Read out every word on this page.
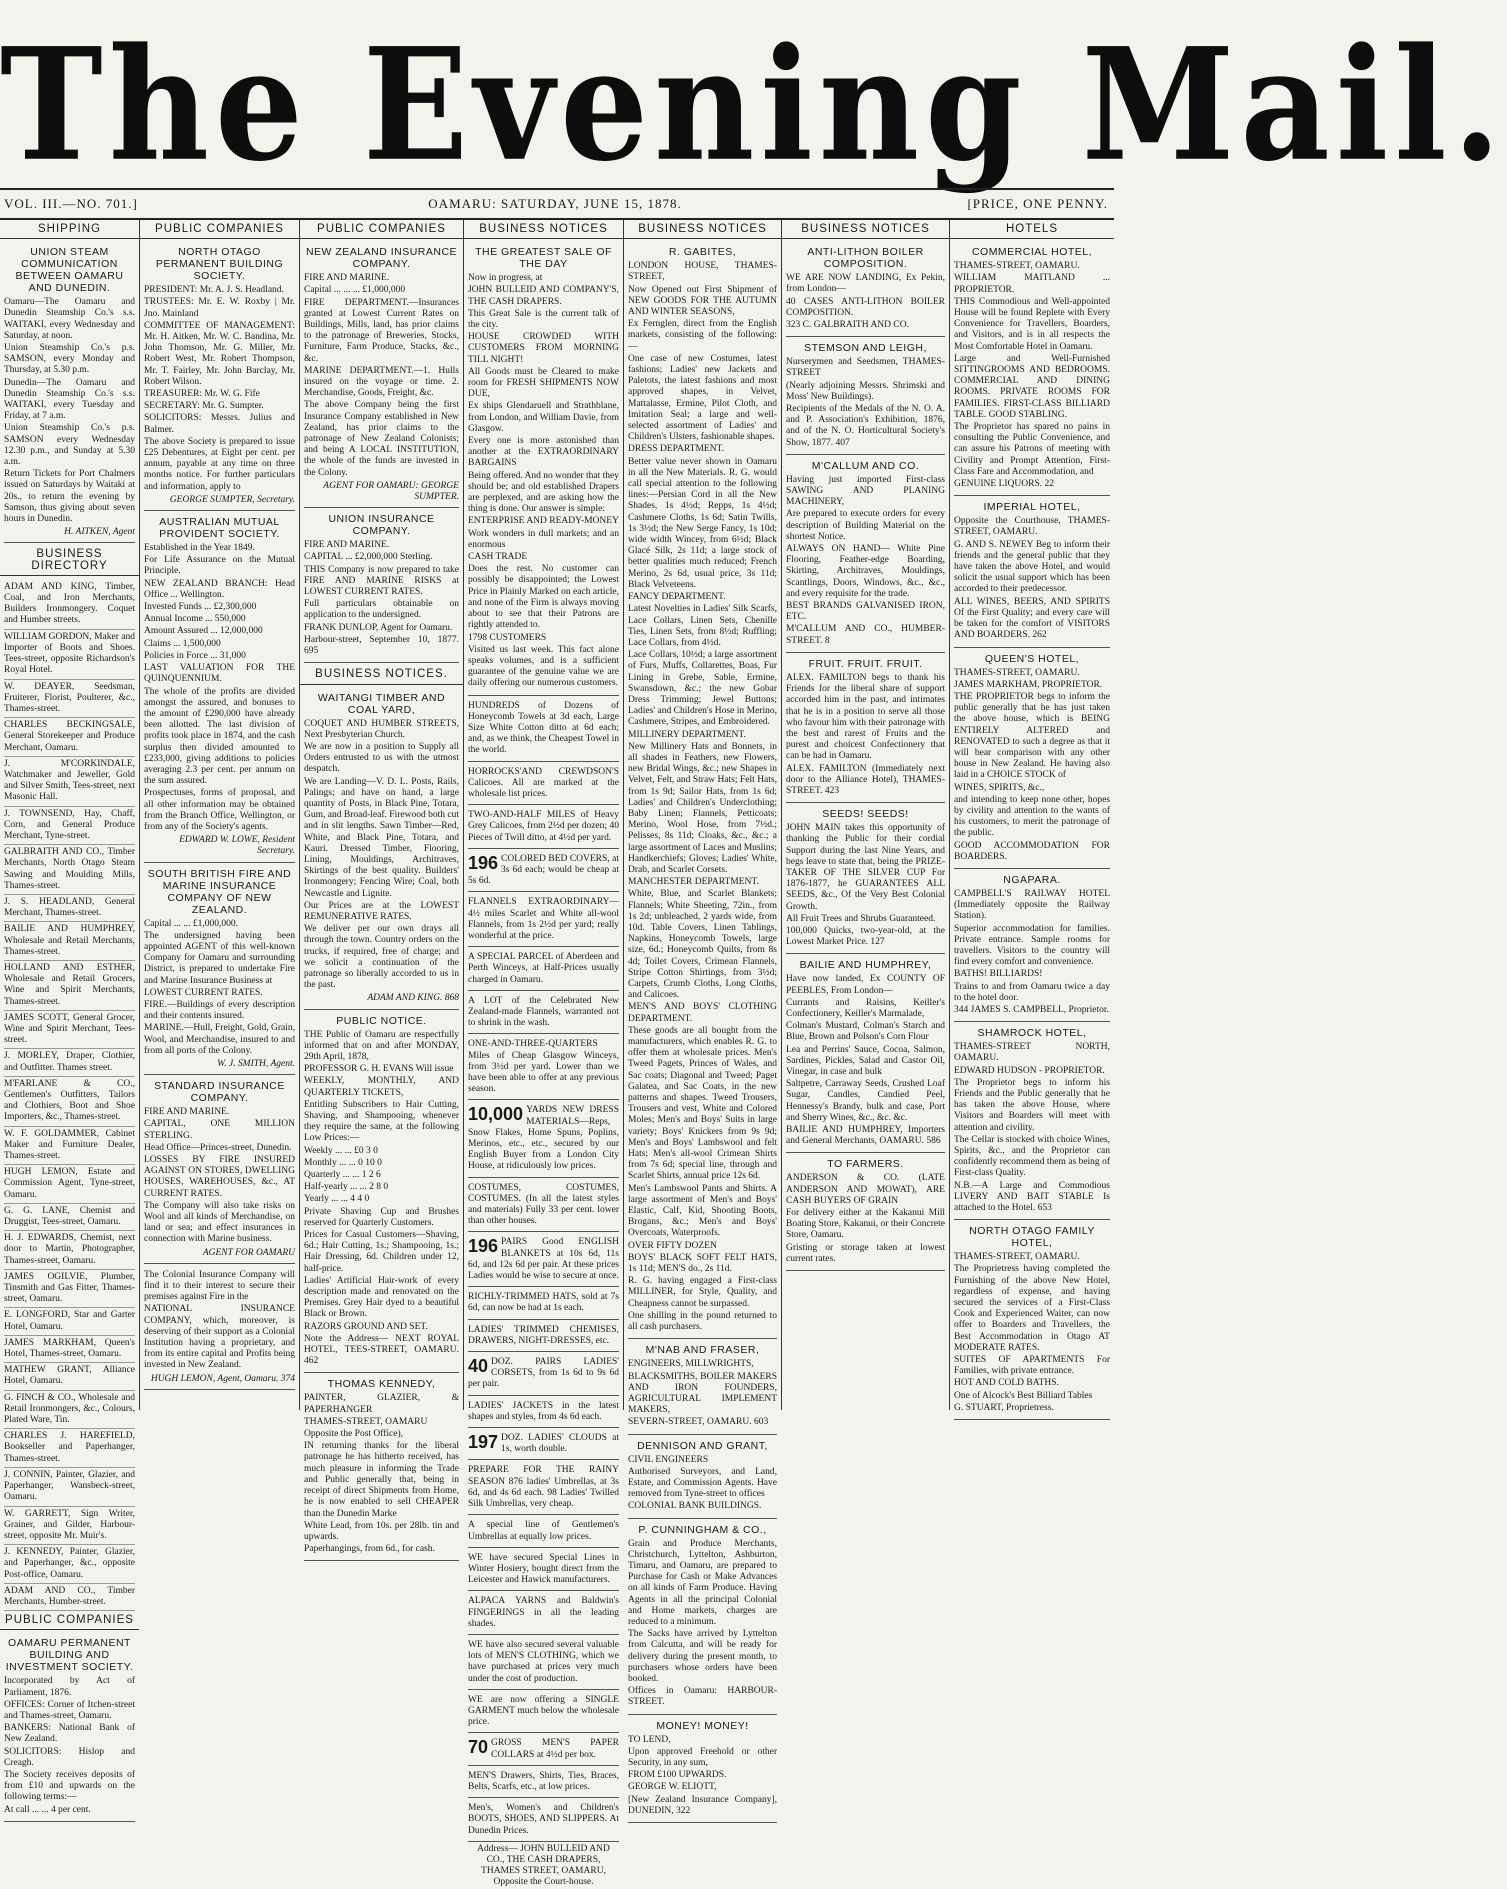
The Evening Mail.
VOL. III.—NO. 701.]	OAMARU: SATURDAY, JUNE 15, 1878.	[PRICE, ONE PENNY.
SHIPPING
UNION STEAM COMMUNICATION BETWEEN OAMARU AND DUNEDIN.
Oamaru—The Oamaru and Dunedin Steamship Co.'s s.s. WAITAKI, every Wednesday and Saturday, at noon.
Union Steamship Co.'s p.s. SAMSON, every Monday and Thursday, at 5.30 p.m.
Dunedin—The Oamaru and Dunedin Steamship Co.'s s.s. WAITAKI, every Tuesday and Friday, at 7 a.m.
Union Steamship Co.'s p.s. SAMSON every Wednesday 12.30 p.m., and Sunday at 5.30 a.m.
Return Tickets for Port Chalmers issued on Saturdays by Waitaki at 20s., to return the evening by Samson, thus giving about seven hours in Dunedin.
H. AITKEN, Agent
BUSINESS DIRECTORY
ADAM AND KING, Timber, Coal, and Iron Merchants, Builders Ironmongery. Coquet and Humber streets.
WILLIAM GORDON, Maker and Importer of Boots and Shoes. Tees-street, opposite Richardson's Royal Hotel.
W. DEAYER, Seedsman, Fruiterer, Florist, Poulterer, &c., Thames-street.
CHARLES BECKINGSALE, General Storekeeper and Produce Merchant, Oamaru.
J. M'CORKINDALE, Watchmaker and Jeweller, Gold and Silver Smith, Tees-street, next Masonic Hall.
J. TOWNSEND, Hay, Chaff, Corn, and General Produce Merchant, Tyne-street.
GALBRAITH AND CO., Timber Merchants, North Otago Steam Sawing and Moulding Mills, Thames-street.
J. S. HEADLAND, General Merchant, Thames-street.
BAILIE AND HUMPHREY, Wholesale and Retail Merchants, Thames-street.
HOLLAND AND ESTHER, Wholesale and Retail Grocers, Wine and Spirit Merchants, Thames-street.
JAMES SCOTT, General Grocer, Wine and Spirit Merchant, Tees-street.
J. MORLEY, Draper, Clothier, and Outfitter. Thames street.
M'FARLANE & CO., Gentlemen's Outfitters, Tailors and Clothiers, Boot and Shoe Importers, &c., Thames-street.
W. F. GOLDAMMER, Cabinet Maker and Furniture Dealer, Thames-street.
HUGH LEMON, Estate and Commission Agent, Tyne-street, Oamaru.
G. G. LANE, Chemist and Druggist, Tees-street, Oamaru.
H. J. EDWARDS, Chemist, next door to Martin, Photographer, Thames-street, Oamaru.
JAMES OGILVIE, Plumber, Tinsmith and Gas Fitter, Thames-street, Oamaru.
E. LONGFORD, Star and Garter Hotel, Oamaru.
JAMES MARKHAM, Queen's Hotel, Thames-street, Oamaru.
MATHEW GRANT, Alliance Hotel, Oamaru.
G. FINCH & CO., Wholesale and Retail Ironmongers, &c., Colours, Plated Ware, Tin.
CHARLES J. HAREFIELD, Bookseller and Paperhanger, Thames-street.
J. CONNIN, Painter, Glazier, and Paperhanger, Wansbeck-street, Oamaru.
W. GARRETT, Sign Writer, Grainer, and Gilder, Harbour-street, opposite Mr. Muir's.
J. KENNEDY, Painter, Glazier, and Paperhanger, &c., opposite Post-office, Oamaru.
ADAM AND CO., Timber Merchants, Humber-street.
PUBLIC COMPANIES
OAMARU PERMANENT BUILDING AND INVESTMENT SOCIETY.
Incorporated by Act of Parliament, 1876.
OFFICES: Corner of Itchen-street and Thames-street, Oamaru.
BANKERS: National Bank of New Zealand.
SOLICITORS: Hislop and Creagh.
The Society receives deposits of from £10 and upwards on the following terms:—
At call ... ... 4 per cent.
PUBLIC COMPANIES
NORTH OTAGO PERMANENT BUILDING SOCIETY.
PRESIDENT: Mr. A. J. S. Headland.
TRUSTEES: Mr. E. W. Roxby | Mr. Jno. Mainland
COMMITTEE OF MANAGEMENT: Mr. H. Aitken, Mr. W. C. Bandina, Mr. John Thomson, Mr. G. Miller, Mr. Robert West, Mr. Robert Thompson, Mr. T. Fairley, Mr. John Barclay, Mr. Robert Wilson.
TREASURER: Mr. W. G. Fife
SECRETARY: Mr. G. Sumpter.
SOLICITORS: Messrs. Julius and Balmer.
The above Society is prepared to issue £25 Debentures, at Eight per cent. per annum, payable at any time on three months notice. For further particulars and information, apply to
GEORGE SUMPTER, Secretary.
AUSTRALIAN MUTUAL PROVIDENT SOCIETY.
Established in the Year 1849.
For Life Assurance on the Mutual Principle.
NEW ZEALAND BRANCH: Head Office ... Wellington.
Invested Funds ... £2,300,000
Annual Income ... 550,000
Amount Assured ... 12,000,000
Claims ... 1,500,000
Policies in Force ... 31,000
LAST VALUATION FOR THE QUINQUENNIUM.
The whole of the profits are divided amongst the assured, and bonuses to the amount of £290,000 have already been allotted. The last division of profits took place in 1874, and the cash surplus then divided amounted to £233,000, giving additions to policies averaging 2.3 per cent. per annum on the sum assured.
Prospectuses, forms of proposal, and all other information may be obtained from the Branch Office, Wellington, or from any of the Society's agents.
EDWARD W. LOWE, Resident Secretary.
SOUTH BRITISH FIRE AND MARINE INSURANCE COMPANY OF NEW ZEALAND.
Capital ... ... £1,000,000.
The undersigned having been appointed AGENT of this well-known Company for Oamaru and surrounding District, is prepared to undertake Fire and Marine Insurance Business at
LOWEST CURRENT RATES.
FIRE.—Buildings of every description and their contents insured.
MARINE.—Hull, Freight, Gold, Grain, Wool, and Merchandise, insured to and from all ports of the Colony.
W. J. SMITH, Agent.
STANDARD INSURANCE COMPANY.
FIRE AND MARINE.
CAPITAL, ONE MILLION STERLING.
Head Office—Princes-street, Dunedin.
LOSSES BY FIRE INSURED AGAINST ON STORES, DWELLING HOUSES, WAREHOUSES, &c., AT CURRENT RATES.
The Company will also take risks on Wool and all kinds of Merchandise, on land or sea; and effect insurances in connection with Marine business.
AGENT FOR OAMARU
The Colonial Insurance Company will find it to their interest to secure their premises against Fire in the
NATIONAL INSURANCE COMPANY, which, moreover, is deserving of their support as a Colonial Institution having a proprietary, and from its entire capital and Profits being invested in New Zealand.
HUGH LEMON, Agent, Oamaru. 374
PUBLIC COMPANIES
NEW ZEALAND INSURANCE COMPANY.
FIRE AND MARINE.
Capital ... ... ... £1,000,000
FIRE DEPARTMENT.—Insurances granted at Lowest Current Rates on Buildings, Mills, land, has prior claims to the patronage of Breweries, Stocks, Furniture, Farm Produce, Stacks, &c., &c.
MARINE DEPARTMENT.—1. Hulls insured on the voyage or time. 2. Merchandise, Goods, Freight, &c.
The above Company being the first Insurance Company established in New Zealand, has prior claims to the patronage of New Zealand Colonists; and being A LOCAL INSTITUTION, the whole of the funds are invested in the Colony.
AGENT FOR OAMARU: GEORGE SUMPTER.
UNION INSURANCE COMPANY.
FIRE AND MARINE.
CAPITAL ... £2,000,000 Sterling.
THIS Company is now prepared to take FIRE AND MARINE RISKS at LOWEST CURRENT RATES.
Full particulars obtainable on application to the undersigned.
FRANK DUNLOP, Agent for Oamaru.
Harbour-street, September 10, 1877. 695
BUSINESS NOTICES.
WAITANGI TIMBER AND COAL YARD,
COQUET AND HUMBER STREETS, Next Presbyterian Church.
We are now in a position to Supply all Orders entrusted to us with the utmost despatch.
We are Landing—V. D. L. Posts, Rails, Palings; and have on hand, a large quantity of Posts, in Black Pine, Totara, Gum, and Broad-leaf. Firewood both cut and in slit lengths. Sawn Timber—Red, White, and Black Pine, Totara, and Kauri. Dressed Timber, Flooring, Lining, Mouldings, Architraves, Skirtings of the best quality. Builders' Ironmongery; Fencing Wire; Coal, both Newcastle and Lignite.
Our Prices are at the LOWEST REMUNERATIVE RATES.
We deliver per our own drays all through the town. Country orders on the trucks, if required, free of charge; and we solicit a continuation of the patronage so liberally accorded to us in the past.
ADAM AND KING. 868
PUBLIC NOTICE.
THE Public of Oamaru are respectfully informed that on and after MONDAY, 29th April, 1878,
PROFESSOR G. H. EVANS Will issue
WEEKLY, MONTHLY, AND QUARTERLY TICKETS,
Entitling Subscribers to Hair Cutting, Shaving, and Shampooing, whenever they require the same, at the following Low Prices:—
Weekly ... ... £0 3 0
Monthly ... ... 0 10 0
Quarterly ... ... 1 2 6
Half-yearly ... ... 2 8 0
Yearly ... ... 4 4 0
Private Shaving Cup and Brushes reserved for Quarterly Customers.
Prices for Casual Customers—Shaving, 6d.; Hair Cutting, 1s.; Shampooing, 1s.; Hair Dressing, 6d. Children under 12, half-price.
Ladies' Artificial Hair-work of every description made and renovated on the Premises. Grey Hair dyed to a beautiful Black or Brown.
RAZORS GROUND AND SET.
Note the Address— NEXT ROYAL HOTEL, TEES-STREET, OAMARU. 462
THOMAS KENNEDY,
PAINTER, GLAZIER, & PAPERHANGER
THAMES-STREET, OAMARU
Opposite the Post Office),
IN returning thanks for the liberal patronage he has hitherto received, has much pleasure in informing the Trade and Public generally that, being in receipt of direct Shipments from Home, he is now enabled to sell CHEAPER than the Dunedin Marke
White Lead, from 10s. per 28lb. tin and upwards.
Paperhangings, from 6d., for cash.
BUSINESS NOTICES
THE GREATEST SALE OF THE DAY
Now in progress, at
JOHN BULLEID AND COMPANY'S, THE CASH DRAPERS.
This Great Sale is the current talk of the city.
HOUSE CROWDED WITH CUSTOMERS FROM MORNING TILL NIGHT!
All Goods must be Cleared to make room for FRESH SHIPMENTS NOW DUE,
Ex ships Glendaruell and Strathblane, from London, and William Davie, from Glasgow.
Every one is more astonished than another at the EXTRAORDINARY BARGAINS
Being offered. And no wonder that they should be; and old established Drapers are perplexed, and are asking how the thing is done. Our answer is simple:
ENTERPRISE AND READY-MONEY
Work wonders in dull markets; and an enormous
CASH TRADE
Does the rest. No customer can possibly be disappointed; the Lowest Price in Plainly Marked on each article, and none of the Firm is always moving about to see that their Patrons are rightly attended to.
1798 CUSTOMERS
Visited us last week. This fact alone speaks volumes, and is a sufficient guarantee of the genuine value we are daily offering our numerous customers.
HUNDREDS of Dozens of Honeycomb Towels at 3d each, Large Size White Cotton ditto at 6d each; and, as we think, the Cheapest Towel in the world.
HORROCKS'AND CREWDSON'S Calicoes. All are marked at the wholesale list prices.
TWO-AND-HALF MILES of Heavy Grey Calicoes, from 2½d per dozen; 40 Pieces of Twill ditto, at 4½d per yard.
196 COLORED BED COVERS, at 3s 6d each; would be cheap at 5s 6d.
FLANNELS EXTRAORDINARY—4½ miles Scarlet and White all-wool Flannels, from 1s 2½d per yard; really wonderful at the price.
A SPECIAL PARCEL of Aberdeen and Perth Winceys, at Half-Prices usually charged in Oamaru.
A LOT of the Celebrated New Zealand-made Flannels, warranted not to shrink in the wash.
ONE-AND-THREE-QUARTERS Miles of Cheap Glasgow Winceys, from 3½d per yard. Lower than we have been able to offer at any previous season.
10,000 YARDS NEW DRESS MATERIALS—Reps, Snow Flakes, Home Spuns, Poplins, Merinos, etc., etc., secured by our English Buyer from a London City House, at ridiculously low prices.
COSTUMES, COSTUMES, COSTUMES. (In all the latest styles and materials) Fully 33 per cent. lower than other houses.
196 PAIRS Good ENGLISH BLANKETS at 10s 6d, 11s 6d, and 12s 6d per pair. At these prices Ladies would be wise to secure at once.
RICHLY-TRIMMED HATS, sold at 7s 6d, can now be had at 1s each.
LADIES' TRIMMED CHEMISES, DRAWERS, NIGHT-DRESSES, etc.
40 DOZ. PAIRS LADIES' CORSETS, from 1s 6d to 9s 6d per pair.
LADIES' JACKETS in the latest shapes and styles, from 4s 6d each.
197 DOZ. LADIES' CLOUDS at 1s, worth double.
PREPARE FOR THE RAINY SEASON 876 ladies' Umbrellas, at 3s 6d, and 4s 6d each. 98 Ladies' Twilled Silk Umbrellas, very cheap.
A special line of Gentlemen's Umbrellas at equally low prices.
WE have secured Special Lines in Winter Hosiery, bought direct from the Leicester and Hawick manufacturers.
ALPACA YARNS and Baldwin's FINGERINGS in all the leading shades.
WE have also secured several valuable lots of MEN'S CLOTHING, which we have purchased at prices very much under the cost of production.
WE are now offering a SINGLE GARMENT much below the wholesale price.
70 GROSS MEN'S PAPER COLLARS at 4½d per box.
MEN'S Drawers, Shirts, Ties, Braces, Belts, Scarfs, etc., at low prices.
Men's, Women's and Children's BOOTS, SHOES, AND SLIPPERS. At Dunedin Prices.
Address— JOHN BULLEID AND CO., THE CASH DRAPERS, THAMES STREET, OAMARU, Opposite the Court-house.
BUSINESS NOTICES
R. GABITES,
LONDON HOUSE, THAMES-STREET,
Now Opened out First Shipment of NEW GOODS FOR THE AUTUMN AND WINTER SEASONS,
Ex Fernglen, direct from the English markets, consisting of the following:—
One case of new Costumes, latest fashions; Ladies' new Jackets and Paletots, the latest fashions and most approved shapes, in Velvet, Mattalasse, Ermine, Pilot Cloth, and Imitation Seal; a large and well-selected assortment of Ladies' and Children's Ulsters, fashionable shapes.
DRESS DEPARTMENT.
Better value never shown in Oamaru in all the New Materials. R. G. would call special attention to the following lines:—Persian Cord in all the New Shades, 1s 4½d; Repps, 1s 4½d; Cashmere Cloths, 1s 6d; Satin Twills, 1s 3½d; the New Serge Fancy, 1s 10d; wide width Wincey, from 6½d; Black Glacé Silk, 2s 11d; a large stock of better qualities much reduced; French Merino, 2s 6d, usual price, 3s 11d; Black Velveteens.
FANCY DEPARTMENT.
Latest Novelties in Ladies' Silk Scarfs, Lace Collars, Linen Sets, Chenille Ties, Linen Sets, from 8½d; Ruffling; Lace Collars, from 4½d.
Lace Collars, 10½d; a large assortment of Furs, Muffs, Collarettes, Boas, Fur Lining in Grebe, Sable, Ermine, Swansdown, &c.; the new Gobar Dress Trimming; Jewel Buttons; Ladies' and Children's Hose in Merino, Cashmere, Stripes, and Embroidered.
MILLINERY DEPARTMENT.
New Millinery Hats and Bonnets, in all shades in Feathers, new Flowers, new Bridal Wings, &c.; new Shapes in Velvet, Felt, and Straw Hats; Felt Hats, from 1s 9d; Sailor Hats, from 1s 6d; Ladies' and Children's Underclothing; Baby Linen; Flannels, Petticoats; Merino, Wool Hose, from 7½d.; Pelisses, 8s 11d; Cloaks, &c., &c.; a large assortment of Laces and Muslins; Handkerchiefs; Gloves; Ladies' White, Drab, and Scarlet Corsets.
MANCHESTER DEPARTMENT.
White, Blue, and Scarlet Blankets; Flannels; White Sheeting, 72in., from 1s 2d; unbleached, 2 yards wide, from 10d. Table Covers, Linen Tablings, Napkins, Honeycomb Towels, large size, 6d.; Honeycomb Quilts, from 8s 4d; Toilet Covers, Crimean Flannels, Stripe Cotton Shirtings, from 3½d; Carpets, Crumb Cloths, Long Cloths, and Calicoes.
MEN'S AND BOYS' CLOTHING DEPARTMENT.
These goods are all bought from the manufacturers, which enables R. G. to offer them at wholesale prices. Men's Tweed Pagets, Princes of Wales, and Sac coats; Diagonal and Tweed; Paget Galatea, and Sac Coats, in the new patterns and shapes. Tweed Trousers, Trousers and vest, White and Colored Moles; Men's and Boys' Suits in large variety; Boys' Knickers from 9s 9d; Men's and Boys' Lambswool and felt Hats; Men's all-wool Crimean Shirts from 7s 6d; special line, through and Scarlet Shirts, annual price 12s 6d.
Men's Lambswool Pants and Shirts. A large assortment of Men's and Boys' Elastic, Calf, Kid, Shooting Boots, Brogans, &c.; Men's and Boys' Overcoats, Waterproofs.
OVER FIFTY DOZEN
BOYS' BLACK SOFT FELT HATS, 1s 11d; MEN'S do., 2s 11d.
R. G. having engaged a First-class MILLINER, for Style, Quality, and Cheapness cannot be surpassed.
One shilling in the pound returned to all cash purchasers.
M'NAB AND FRASER,
ENGINEERS, MILLWRIGHTS,
BLACKSMITHS, BOILER MAKERS AND IRON FOUNDERS, AGRICULTURAL IMPLEMENT MAKERS,
SEVERN-STREET, OAMARU. 603
DENNISON AND GRANT,
CIVIL ENGINEERS
Authorised Surveyors, and Land, Estate, and Commission Agents. Have removed from Tyne-street to offices
COLONIAL BANK BUILDINGS.
P. CUNNINGHAM & CO.,
Grain and Produce Merchants, Christchurch, Lyttelton, Ashburton, Timaru, and Oamaru, are prepared to Purchase for Cash or Make Advances on all kinds of Farm Produce. Having Agents in all the principal Colonial and Home markets, charges are reduced to a minimum.
The Sacks have arrived by Lyttelton from Calcutta, and will be ready for delivery during the present month, to purchasers whose orders have been booked.
Offices in Oamaru: HARBOUR-STREET.
MONEY! MONEY!
TO LEND,
Upon approved Freehold or other Security, in any sum,
FROM £100 UPWARDS.
GEORGE W. ELIOTT,
[New Zealand Insurance Company], DUNEDIN, 322
BUSINESS NOTICES
ANTI-LITHON BOILER COMPOSITION.
WE ARE NOW LANDING, Ex Pekin, from London—
40 CASES ANTI-LITHON BOILER COMPOSITION.
323 C. GALBRAITH AND CO.
STEMSON AND LEIGH,
Nurserymen and Seedsmen, THAMES-STREET
(Nearly adjoining Messrs. Shrimski and Moss' New Buildings).
Recipients of the Medals of the N. O. A. and P. Association's Exhibition, 1876, and of the N. O. Horticultural Society's Show, 1877. 407
M'CALLUM AND CO.
Having just imported First-class SAWING AND PLANING MACHINERY,
Are prepared to execute orders for every description of Building Material on the shortest Notice.
ALWAYS ON HAND— White Pine Flooring, Feather-edge Boarding, Skirting, Architraves, Mouldings, Scantlings, Doors, Windows, &c., &c., and every requisite for the trade.
BEST BRANDS GALVANISED IRON, ETC.
M'CALLUM AND CO., HUMBER-STREET. 8
FRUIT. FRUIT. FRUIT.
ALEX. FAMILTON begs to thank his Friends for the liberal share of support accorded him in the past, and intimates that he is in a position to serve all those who favour him with their patronage with the best and rarest of Fruits and the purest and choicest Confectionery that can be had in Oamaru.
ALEX. FAMILTON (Immediately next door to the Alliance Hotel), THAMES-STREET. 423
SEEDS! SEEDS!
JOHN MAIN takes this opportunity of thanking the Public for their cordial Support during the last Nine Years, and begs leave to state that, being the PRIZE-TAKER OF THE SILVER CUP For 1876-1877, he GUARANTEES ALL SEEDS, &c., Of the Very Best Colonial Growth.
All Fruit Trees and Shrubs Guaranteed.
100,000 Quicks, two-year-old, at the Lowest Market Price. 127
BAILIE AND HUMPHREY,
Have now landed, Ex COUNTY OF PEEBLES, From London—
Currants and Raisins, Keiller's Confectionery, Keiller's Marmalade,
Colman's Mustard, Colman's Starch and Blue, Brown and Polson's Corn Flour
Lea and Perrins' Sauce, Cocoa, Salmon, Sardines, Pickles, Salad and Castor Oil, Vinegar, in case and bulk
Saltpetre, Carraway Seeds, Crushed Loaf Sugar, Candles, Candied Peel, Hennessy's Brandy, bulk and case, Port and Sherry Wines, &c., &c. &c.
BAILIE AND HUMPHREY, Importers and General Merchants, OAMARU. 586
TO FARMERS.
ANDERSON & CO. (LATE ANDERSON AND MOWAT), ARE CASH BUYERS OF GRAIN
For delivery either at the Kakanui Mill Boating Store, Kakanui, or their Concrete Store, Oamaru.
Gristing or storage taken at lowest current rates.
HOTELS
COMMERCIAL HOTEL,
THAMES-STREET, OAMARU.
WILLIAM MAITLAND ... PROPRIETOR.
THIS Commodious and Well-appointed House will be found Replete with Every Convenience for Travellers, Boarders, and Visitors, and is in all respects the Most Comfortable Hotel in Oamaru.
Large and Well-Furnished SITTINGROOMS AND BEDROOMS. COMMERCIAL AND DINING ROOMS. PRIVATE ROOMS FOR FAMILIES. FIRST-CLASS BILLIARD TABLE. GOOD STABLING.
The Proprietor has spared no pains in consulting the Public Convenience, and can assure his Patrons of meeting with Civility and Prompt Attention, First-Class Fare and Accommodation, and
GENUINE LIQUORS. 22
IMPERIAL HOTEL,
Opposite the Courthouse, THAMES-STREET, OAMARU.
G. AND S. NEWEY Beg to inform their friends and the general public that they have taken the above Hotel, and would solicit the usual support which has been accorded to their predecessor.
ALL WINES, BEERS, AND SPIRITS Of the First Quality; and every care will be taken for the comfort of VISITORS AND BOARDERS. 262
QUEEN'S HOTEL,
THAMES-STREET, OAMARU.
JAMES MARKHAM, PROPRIETOR.
THE PROPRIETOR begs to inform the public generally that he has just taken the above house, which is BEING ENTIRELY ALTERED and RENOVATED to such a degree as that it will bear comparison with any other house in New Zealand. He having also laid in a CHOICE STOCK of
WINES, SPIRITS, &c.,
and intending to keep none other, hopes by civility and attention to the wants of his customers, to merit the patronage of the public.
GOOD ACCOMMODATION FOR BOARDERS.
NGAPARA.
CAMPBELL'S RAILWAY HOTEL (Immediately opposite the Railway Station).
Superior accommodation for families. Private entrance. Sample rooms for travellers. Visitors to the country will find every comfort and convenience.
BATHS! BILLIARDS!
Trains to and from Oamaru twice a day to the hotel door.
344 JAMES S. CAMPBELL, Proprietor.
SHAMROCK HOTEL,
THAMES-STREET NORTH, OAMARU.
EDWARD HUDSON - PROPRIETOR.
The Proprietor begs to inform his Friends and the Public generally that he has taken the above House, where Visitors and Boarders will meet with attention and civility.
The Cellar is stocked with choice Wines, Spirits, &c., and the Proprietor can confidently recommend them as being of First-class Quality.
N.B.—A Large and Commodious LIVERY AND BAIT STABLE Is attached to the Hotel. 653
NORTH OTAGO FAMILY HOTEL,
THAMES-STREET, OAMARU.
The Proprietress having completed the Furnishing of the above New Hotel, regardless of expense, and having secured the services of a First-Class Cook and Experienced Waiter, can now offer to Boarders and Travellers, the Best Accommodation in Otago AT MODERATE RATES.
SUITES OF APARTMENTS For Families, with private entrance.
HOT AND COLD BATHS.
One of Alcock's Best Billiard Tables
G. STUART, Proprietress.
